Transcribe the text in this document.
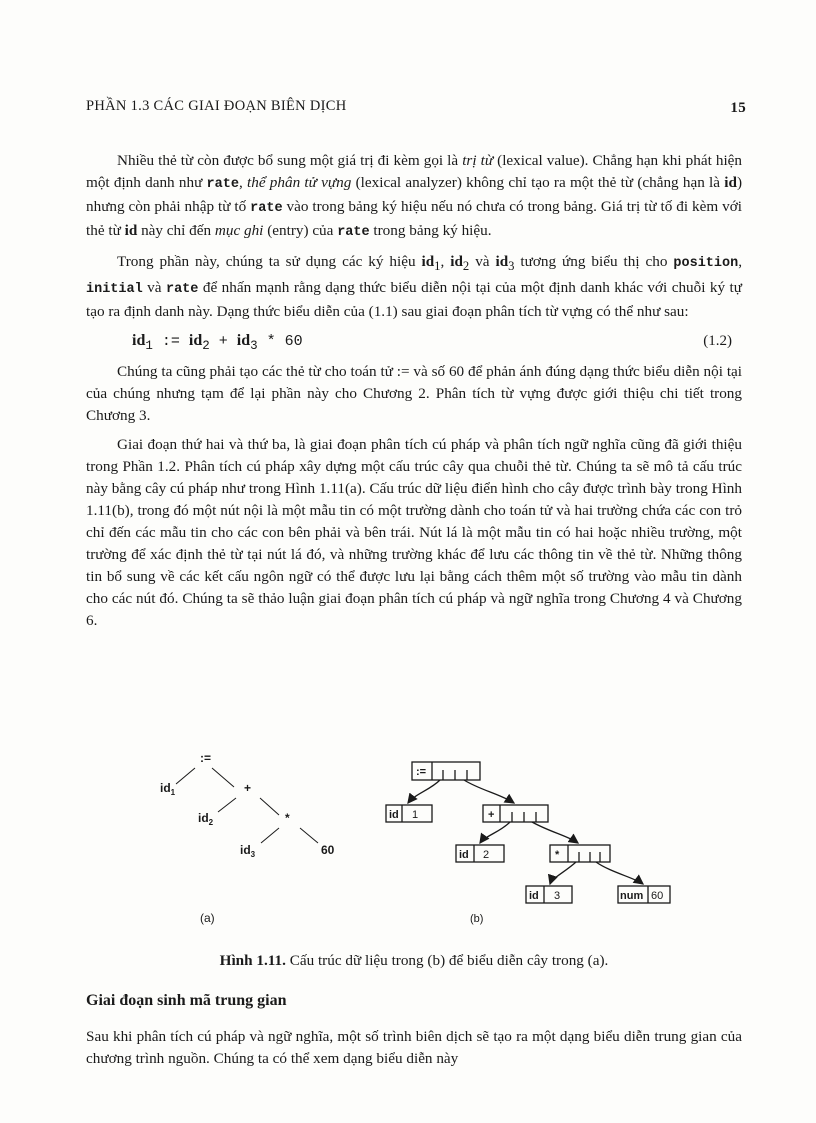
PHẦN 1.3 CÁC GIAI ĐOẠN BIÊN DỊCH	15

Nhiều thẻ từ còn được bổ sung một giá trị đi kèm gọi là trị từ (lexical value). Chẳng hạn khi phát hiện một định danh như rate, thể phân tử vựng (lexical analyzer) không chỉ tạo ra một thẻ từ (chẳng hạn là id) nhưng còn phải nhập từ tố rate vào trong bảng ký hiệu nếu nó chưa có trong bảng. Giá trị từ tố đi kèm với thẻ từ id này chỉ đến mục ghi (entry) của rate trong bảng ký hiệu.

Trong phần này, chúng ta sử dụng các ký hiệu $id_1$, $id_2$ và $id_3$ tương ứng biểu thị cho position, initial và rate để nhấn mạnh rằng dạng thức biểu diễn nội tại của một định danh khác với chuỗi ký tự tạo ra định danh này. Dạng thức biểu diễn của (1.1) sau giai đoạn phân tích từ vựng có thể như sau:

$id_1$ := $id_2 + id_3 * 60$	(1.2)

Chúng ta cũng phải tạo các thẻ từ cho toán tử := và số 60 để phản ánh đúng dạng thức biểu diễn nội tại của chúng nhưng tạm để lại phần này cho Chương 2. Phân tích từ vựng được giới thiệu chi tiết trong Chương 3.

Giai đoạn thứ hai và thứ ba, là giai đoạn phân tích cú pháp và phân tích ngữ nghĩa cũng đã giới thiệu trong Phần 1.2. Phân tích cú pháp xây dựng một cấu trúc cây qua chuỗi thẻ từ. Chúng ta sẽ mô tả cấu trúc này bằng cây cú pháp như trong Hình 1.11(a). Cấu trúc dữ liệu điển hình cho cây được trình bày trong Hình 1.11(b), trong đó một nút nội là một mẫu tin có một trường dành cho toán tử và hai trường chứa các con trỏ chỉ đến các mẫu tin cho các con bên phải và bên trái. Nút lá là một mẫu tin có hai hoặc nhiều trường, một trường để xác định thẻ từ tại nút lá đó, và những trường khác để lưu các thông tin về thẻ từ. Những thông tin bổ sung về các kết cấu ngôn ngữ có thể được lưu lại bằng cách thêm một số trường vào mẫu tin dành cho các nút đó. Chúng ta sẽ thảo luận giai đoạn phân tích cú pháp và ngữ nghĩa trong Chương 4 và Chương 6.

:=
$id_1$	+
$id_2$	*
$id_3$	60
(a)
:=
id 1	+
id 2	*
id 3	num 60
(b)
Hình 1.11. Cấu trúc dữ liệu trong (b) để biểu diễn cây trong (a).
Giai đoạn sinh mã trung gian

Sau khi phân tích cú pháp và ngữ nghĩa, một số trình biên dịch sẽ tạo ra một dạng biểu diễn trung gian của chương trình nguồn. Chúng ta có thể xem dạng biểu diễn này
